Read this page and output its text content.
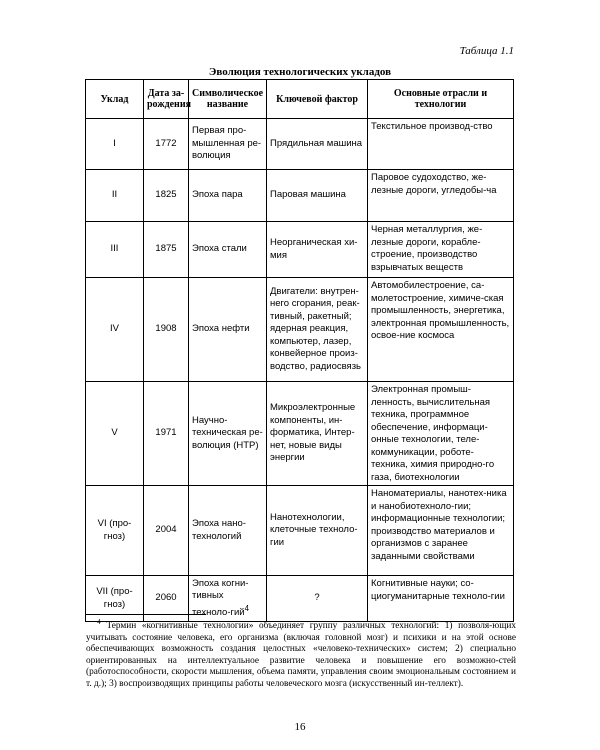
Таблица 1.1
Эволюция технологических укладов
Уклад	Дата за-рождения	Символическое название	Ключевой фактор	Основные отрасли и технологии
I	1772	Первая про-мышленная ре-волюция	Прядильная машина	Текстильное производ-ство
II	1825	Эпоха пара	Паровая машина	Паровое судоходство, же-лезные дороги, угледобы-ча
III	1875	Эпоха стали	Неорганическая хи-мия	Черная металлургия, же-лезные дороги, корабле-строение, производство взрывчатых веществ
IV	1908	Эпоха нефти	Двигатели: внутрен-него сгорания, реак-тивный, ракетный; ядерная реакция, компьютер, лазер, конвейерное произ-водство, радиосвязь	Автомобилестроение, са-молетостроение, химиче-ская промышленность, энергетика, электронная промышленность, освое-ние космоса
V	1971	Научно-техническая ре-волюция (НТР)	Микроэлектронные компоненты, ин-форматика, Интер-нет, новые виды энергии	Электронная промыш-ленность, вычислительная техника, программное обеспечение, информаци-онные технологии, теле-коммуникации, роботе-техника, химия природно-го газа, биотехнологии
VI (про-гноз)	2004	Эпоха нано-технологий	Нанотехнологии, клеточные техноло-гии	Наноматериалы, нанотех-ника и нанобиотехноло-гии; информационные технологии; производство материалов и организмов с заранее заданными свойствами
VII (про-гноз)	2060	Эпоха когни-тивных техноло-гий$^4$	?	Когнитивные науки; со-циогуманитарные техноло-гии
$^4$ Термин «когнитивные технологии» объединяет группу различных технологий: 1) позволя-ющих учитывать состояние человека, его организма (включая головной мозг) и психики и на этой основе обеспечивающих возможность создания целостных «человеко-технических» систем; 2) специально ориентированных на интеллектуальное развитие человека и повышение его возможно-стей (работоспособности, скорости мышления, объема памяти, управления своим эмоциональным состоянием и т. д.); 3) воспроизводящих принципы работы человеческого мозга (искусственный ин-теллект).
16
